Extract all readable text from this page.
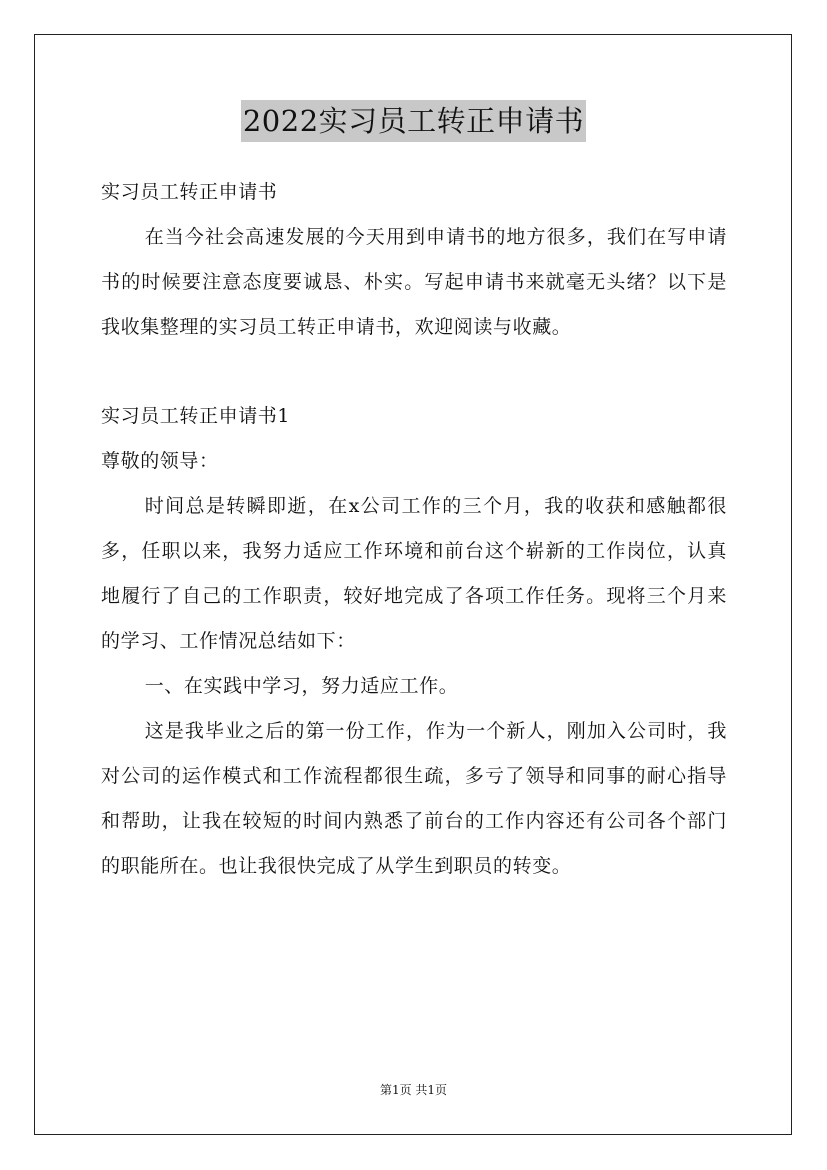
2022实习员工转正申请书

实习员工转正申请书

在当今社会高速发展的今天用到申请书的地方很多，我们在写申请书的时候要注意态度要诚恳、朴实。写起申请书来就毫无头绪？以下是我收集整理的实习员工转正申请书，欢迎阅读与收藏。

实习员工转正申请书1

尊敬的领导：

时间总是转瞬即逝，在x公司工作的三个月，我的收获和感触都很多，任职以来，我努力适应工作环境和前台这个崭新的工作岗位，认真地履行了自己的工作职责，较好地完成了各项工作任务。现将三个月来的学习、工作情况总结如下：

一、在实践中学习，努力适应工作。

这是我毕业之后的第一份工作，作为一个新人，刚加入公司时，我对公司的运作模式和工作流程都很生疏，多亏了领导和同事的耐心指导和帮助，让我在较短的时间内熟悉了前台的工作内容还有公司各个部门的职能所在。也让我很快完成了从学生到职员的转变。

第1页 共1页
